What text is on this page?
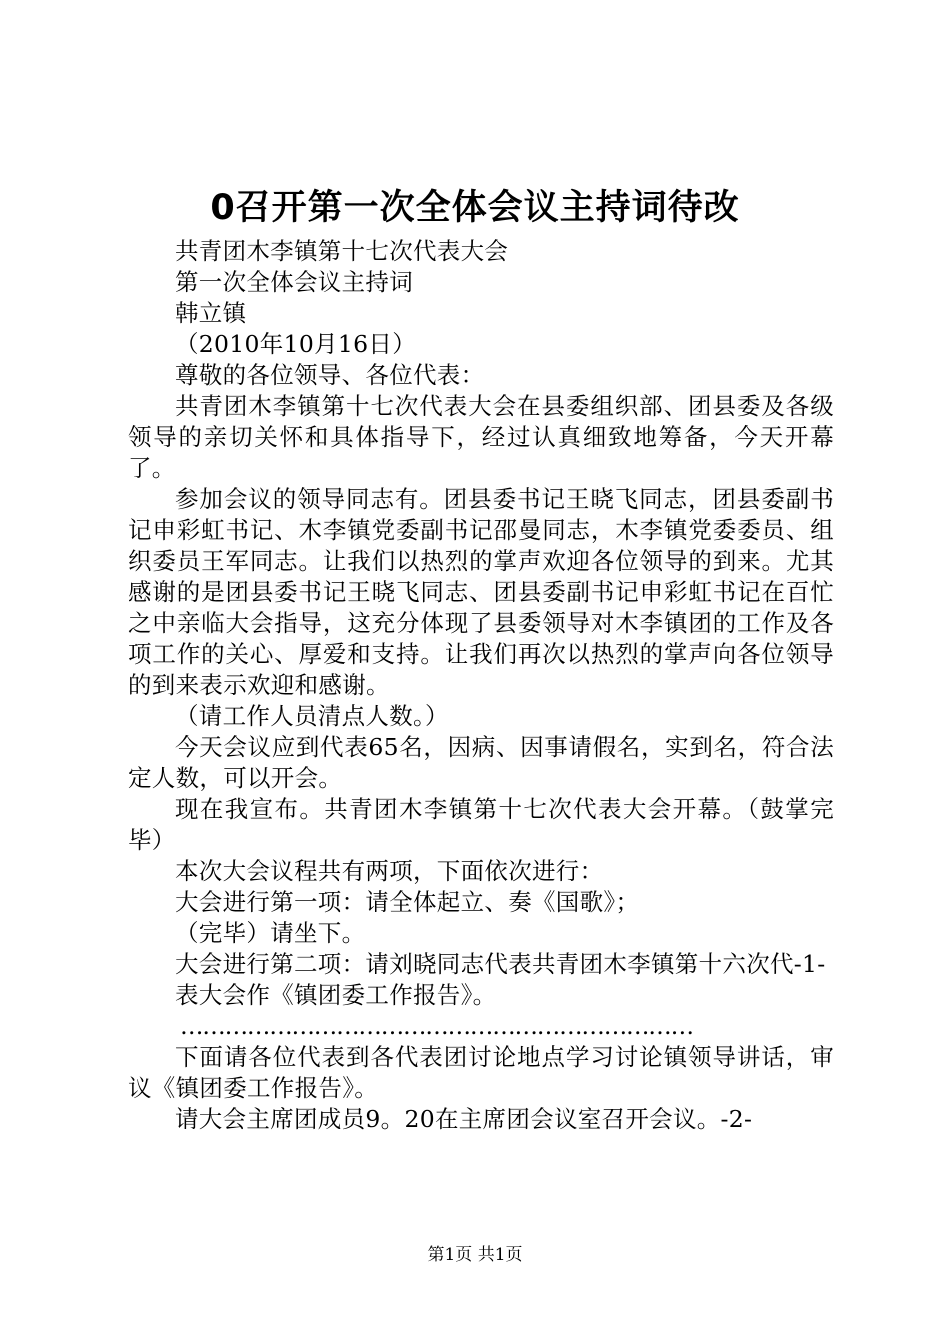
0召开第一次全体会议主持词待改

共青团木李镇第十七次代表大会

第一次全体会议主持词

韩立镇

（2010年10月16日）

尊敬的各位领导、各位代表：

共青团木李镇第十七次代表大会在县委组织部、团县委及各级领导的亲切关怀和具体指导下，经过认真细致地筹备，今天开幕了。

参加会议的领导同志有。团县委书记王晓飞同志，团县委副书记申彩虹书记、木李镇党委副书记邵曼同志，木李镇党委委员、组织委员王军同志。让我们以热烈的掌声欢迎各位领导的到来。尤其感谢的是团县委书记王晓飞同志、团县委副书记申彩虹书记在百忙之中亲临大会指导，这充分体现了县委领导对木李镇团的工作及各项工作的关心、厚爱和支持。让我们再次以热烈的掌声向各位领导的到来表示欢迎和感谢。

（请工作人员清点人数。）

今天会议应到代表65名，因病、因事请假名，实到名，符合法定人数，可以开会。

现在我宣布。共青团木李镇第十七次代表大会开幕。（鼓掌完毕）

本次大会议程共有两项，下面依次进行：

大会进行第一项：请全体起立、奏《国歌》；

（完毕）请坐下。

大会进行第二项：请刘晓同志代表共青团木李镇第十六次代-1-

表大会作《镇团委工作报告》。

……………………………………………………………

下面请各位代表到各代表团讨论地点学习讨论镇领导讲话，审议《镇团委工作报告》。

请大会主席团成员9。20在主席团会议室召开会议。-2-

第1页 共1页
